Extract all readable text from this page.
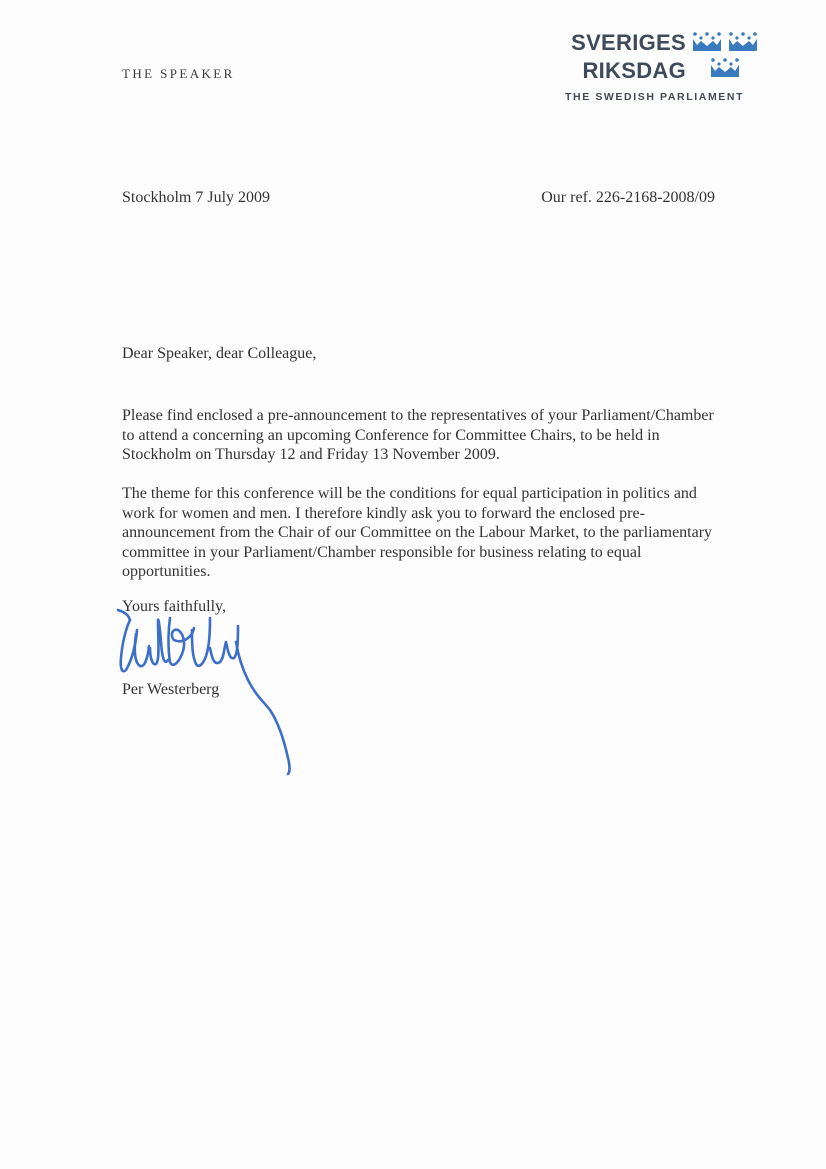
THE SPEAKER
SVERIGES
RIKSDAG
THE SWEDISH PARLIAMENT
Stockholm 7 July 2009	Our ref. 226-2168-2008/09
Dear Speaker, dear Colleague,
Please find enclosed a pre-announcement to the representatives of your Parliament/Chamber to attend a concerning an upcoming Conference for Committee Chairs, to be held in Stockholm on Thursday 12 and Friday 13 November 2009.
The theme for this conference will be the conditions for equal participation in politics and work for women and men. I therefore kindly ask you to forward the enclosed pre-announcement from the Chair of our Committee on the Labour Market, to the parliamentary committee in your Parliament/Chamber responsible for business relating to equal opportunities.
Yours faithfully,
Per Westerberg
